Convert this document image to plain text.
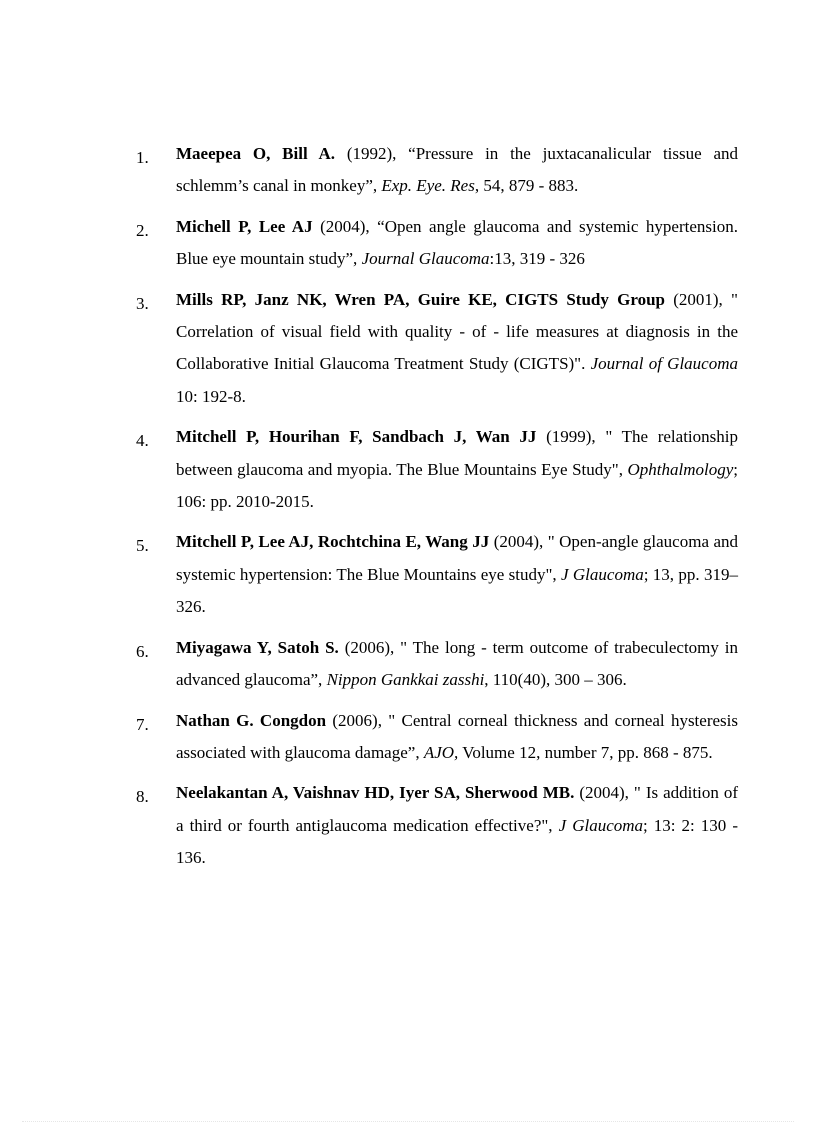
1. Maeepea O, Bill A. (1992), “Pressure in the juxtacanalicular tissue and schlemm’s canal in monkey”, Exp. Eye. Res, 54, 879 - 883.
2. Michell P, Lee AJ (2004), “Open angle glaucoma and systemic hypertension. Blue eye mountain study”, Journal Glaucoma:13, 319 - 326
3. Mills RP, Janz NK, Wren PA, Guire KE, CIGTS Study Group (2001), " Correlation of visual field with quality - of - life measures at diagnosis in the Collaborative Initial Glaucoma Treatment Study (CIGTS)". Journal of Glaucoma 10: 192-8.
4. Mitchell P, Hourihan F, Sandbach J, Wan JJ (1999), " The relationship between glaucoma and myopia. The Blue Mountains Eye Study", Ophthalmology; 106: pp. 2010-2015.
5. Mitchell P, Lee AJ, Rochtchina E, Wang JJ (2004), " Open-angle glaucoma and systemic hypertension: The Blue Mountains eye study", J Glaucoma; 13, pp. 319–326.
6. Miyagawa Y, Satoh S. (2006), " The long - term outcome of trabeculectomy in advanced glaucoma”, Nippon Gankkai zasshi, 110(40), 300 – 306.
7. Nathan G. Congdon (2006), " Central corneal thickness and corneal hysteresis associated with glaucoma damage”, AJO, Volume 12, number 7, pp. 868 - 875.
8. Neelakantan A, Vaishnav HD, Iyer SA, Sherwood MB. (2004), " Is addition of a third or fourth antiglaucoma medication effective?", J Glaucoma; 13: 2: 130 - 136.
